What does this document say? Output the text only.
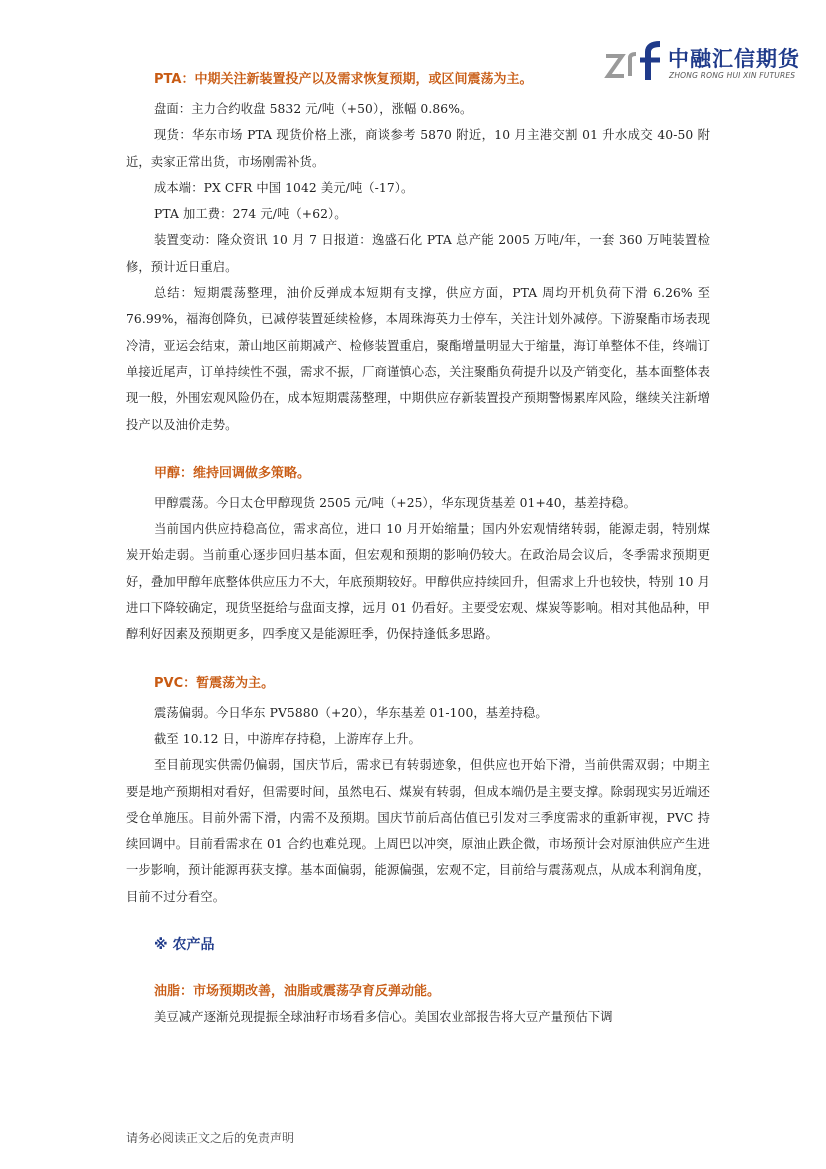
中融汇信期货
ZHONG RONG HUI XIN FUTURES
PTA：中期关注新装置投产以及需求恢复预期，或区间震荡为主。

盘面：主力合约收盘 5832 元/吨（+50），涨幅 0.86%。

现货：华东市场 PTA 现货价格上涨，商谈参考 5870 附近，10 月主港交割 01 升水成交 40-50 附近，卖家正常出货，市场刚需补货。

成本端：PX CFR 中国 1042 美元/吨（-17）。

PTA 加工费：274 元/吨（+62）。

装置变动：隆众资讯 10 月 7 日报道：逸盛石化 PTA 总产能 2005 万吨/年，一套 360 万吨装置检修，预计近日重启。

总结：短期震荡整理，油价反弹成本短期有支撑，供应方面，PTA 周均开机负荷下滑 6.26% 至 76.99%，福海创降负，已减停装置延续检修，本周珠海英力士停车，关注计划外减停。下游聚酯市场表现冷清，亚运会结束，萧山地区前期减产、检修装置重启，聚酯增量明显大于缩量，海订单整体不佳，终端订单接近尾声，订单持续性不强，需求不振，厂商谨慎心态，关注聚酯负荷提升以及产销变化，基本面整体表现一般，外围宏观风险仍在，成本短期震荡整理，中期供应存新装置投产预期警惕累库风险，继续关注新增投产以及油价走势。

甲醇：维持回调做多策略。

甲醇震荡。今日太仓甲醇现货 2505 元/吨（+25），华东现货基差 01+40，基差持稳。

当前国内供应持稳高位，需求高位，进口 10 月开始缩量；国内外宏观情绪转弱，能源走弱，特别煤炭开始走弱。当前重心逐步回归基本面，但宏观和预期的影响仍较大。在政治局会议后，冬季需求预期更好，叠加甲醇年底整体供应压力不大，年底预期较好。甲醇供应持续回升，但需求上升也较快，特别 10 月进口下降较确定，现货坚挺给与盘面支撑，远月 01 仍看好。主要受宏观、煤炭等影响。相对其他品种，甲醇利好因素及预期更多，四季度又是能源旺季，仍保持逢低多思路。

PVC：暂震荡为主。

震荡偏弱。今日华东 PV5880（+20），华东基差 01-100，基差持稳。

截至 10.12 日，中游库存持稳，上游库存上升。

至目前现实供需仍偏弱，国庆节后，需求已有转弱迹象，但供应也开始下滑，当前供需双弱；中期主要是地产预期相对看好，但需要时间，虽然电石、煤炭有转弱，但成本端仍是主要支撑。除弱现实另近端还受仓单施压。目前外需下滑，内需不及预期。国庆节前后高估值已引发对三季度需求的重新审视，PVC 持续回调中。目前看需求在 01 合约也难兑现。上周巴以冲突，原油止跌企微，市场预计会对原油供应产生进一步影响，预计能源再获支撑。基本面偏弱，能源偏强，宏观不定，目前给与震荡观点，从成本利润角度，目前不过分看空。

※ 农产品
油脂：市场预期改善，油脂或震荡孕育反弹动能。

美豆减产逐渐兑现提振全球油籽市场看多信心。美国农业部报告将大豆产量预估下调

请务必阅读正文之后的免责声明
